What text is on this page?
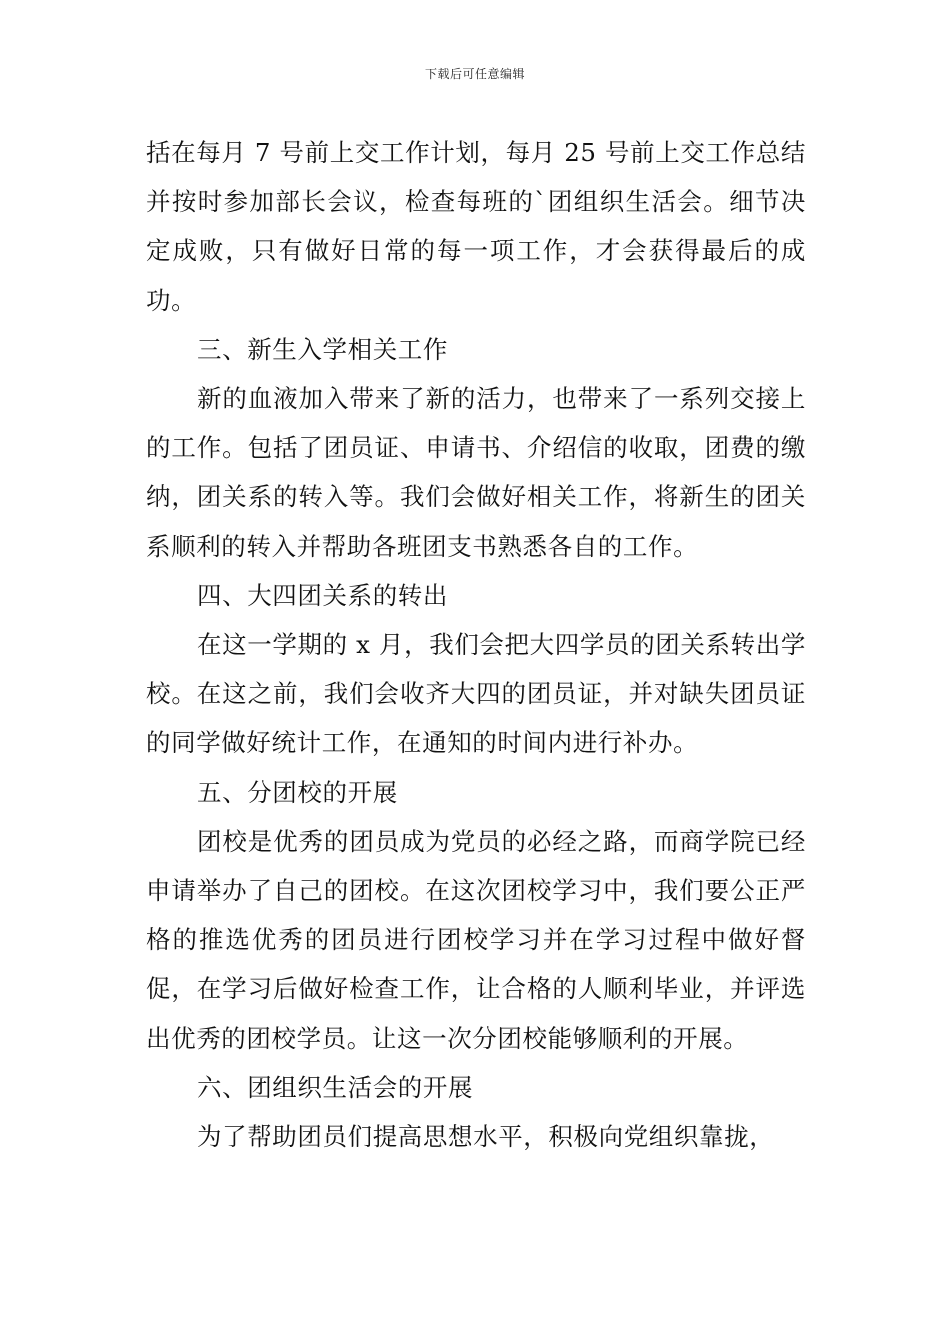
下载后可任意编辑

括在每月 7 号前上交工作计划，每月 25 号前上交工作总结并按时参加部长会议，检查每班的`团组织生活会。细节决定成败，只有做好日常的每一项工作，才会获得最后的成功。

三、新生入学相关工作

新的血液加入带来了新的活力，也带来了一系列交接上的工作。包括了团员证、申请书、介绍信的收取，团费的缴纳，团关系的转入等。我们会做好相关工作，将新生的团关系顺利的转入并帮助各班团支书熟悉各自的工作。

四、大四团关系的转出

在这一学期的 x 月，我们会把大四学员的团关系转出学校。在这之前，我们会收齐大四的团员证，并对缺失团员证的同学做好统计工作，在通知的时间内进行补办。

五、分团校的开展

团校是优秀的团员成为党员的必经之路，而商学院已经申请举办了自己的团校。在这次团校学习中，我们要公正严格的推选优秀的团员进行团校学习并在学习过程中做好督促，在学习后做好检查工作，让合格的人顺利毕业，并评选出优秀的团校学员。让这一次分团校能够顺利的开展。

六、团组织生活会的开展

为了帮助团员们提高思想水平，积极向党组织靠拢，
